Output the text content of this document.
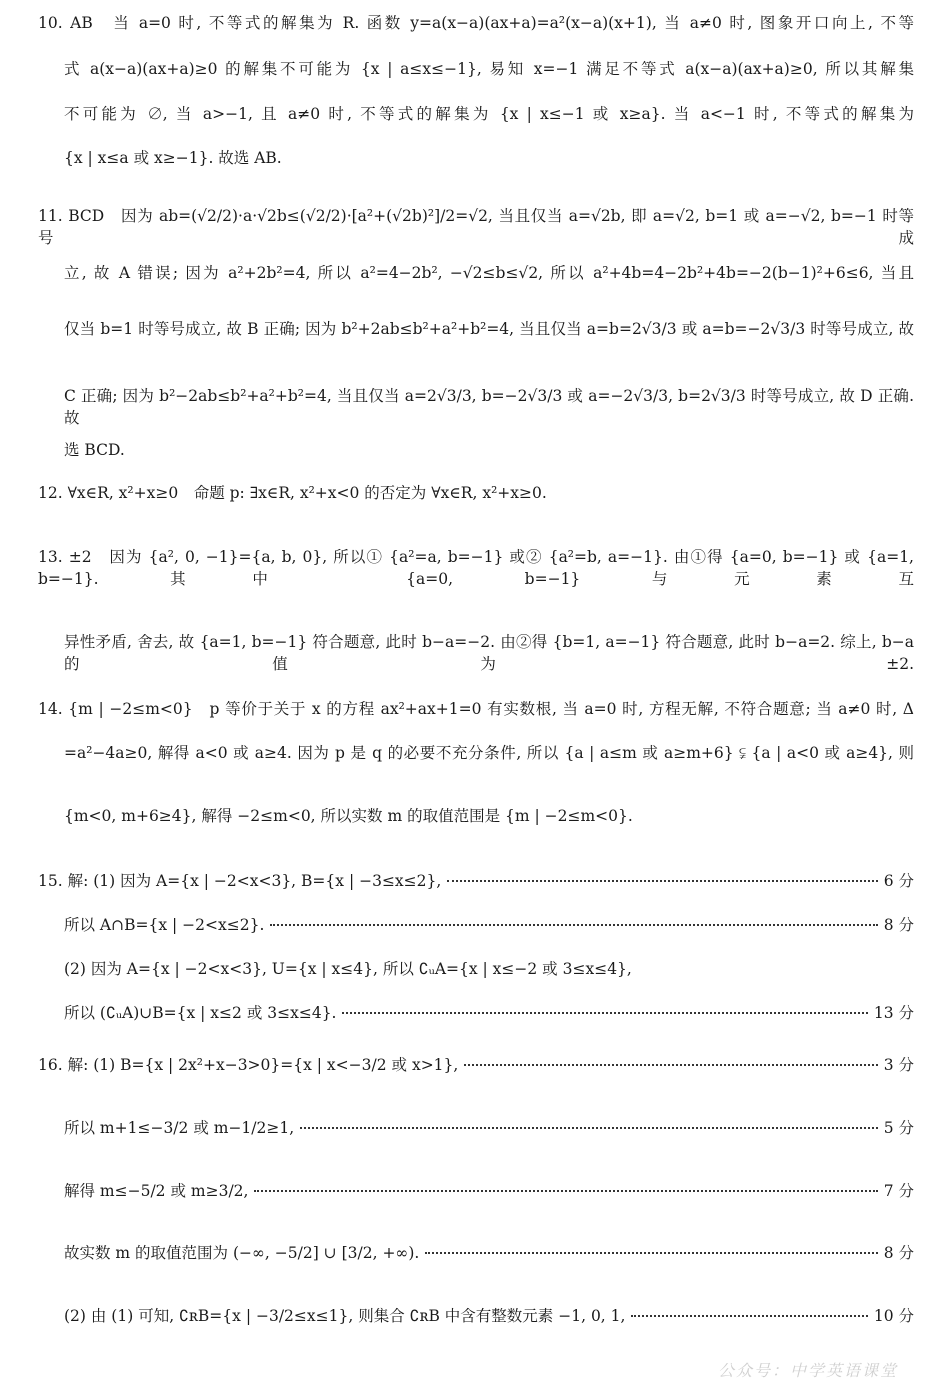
10. AB　当 a=0 时, 不等式的解集为 R. 函数 y=a(x−a)(ax+a)=a²(x−a)(x+1), 当 a≠0 时, 图象开口向上, 不等
式 a(x−a)(ax+a)≥0 的解集不可能为 {x | a≤x≤−1}, 易知 x=−1 满足不等式 a(x−a)(ax+a)≥0, 所以其解集
不可能为 ∅, 当 a>−1, 且 a≠0 时, 不等式的解集为 {x | x≤−1 或 x≥a}. 当 a<−1 时, 不等式的解集为
{x | x≤a 或 x≥−1}. 故选 AB.
11. BCD　因为 ab=(√2/2)·a·√2b≤(√2/2)·[a²+(√2b)²]/2=√2, 当且仅当 a=√2b, 即 a=√2, b=1 或 a=−√2, b=−1 时等号成
立, 故 A 错误; 因为 a²+2b²=4, 所以 a²=4−2b², −√2≤b≤√2, 所以 a²+4b=4−2b²+4b=−2(b−1)²+6≤6, 当且
仅当 b=1 时等号成立, 故 B 正确; 因为 b²+2ab≤b²+a²+b²=4, 当且仅当 a=b=2√3/3 或 a=b=−2√3/3 时等号成立, 故
C 正确; 因为 b²−2ab≤b²+a²+b²=4, 当且仅当 a=2√3/3, b=−2√3/3 或 a=−2√3/3, b=2√3/3 时等号成立, 故 D 正确. 故
选 BCD.
12. ∀x∈R, x²+x≥0　命题 p: ∃x∈R, x²+x<0 的否定为 ∀x∈R, x²+x≥0.
13. ±2　因为 {a², 0, −1}={a, b, 0}, 所以① {a²=a, b=−1} 或② {a²=b, a=−1}. 由①得 {a=0, b=−1} 或 {a=1, b=−1}. 其中 {a=0, b=−1} 与元素互
异性矛盾, 舍去, 故 {a=1, b=−1} 符合题意, 此时 b−a=−2. 由②得 {b=1, a=−1} 符合题意, 此时 b−a=2. 综上, b−a 的值为 ±2.
14. {m | −2≤m<0}　p 等价于关于 x 的方程 ax²+ax+1=0 有实数根, 当 a=0 时, 方程无解, 不符合题意; 当 a≠0 时, Δ
=a²−4a≥0, 解得 a<0 或 a≥4. 因为 p 是 q 的必要不充分条件, 所以 {a | a≤m 或 a≥m+6} ⫋ {a | a<0 或 a≥4}, 则
{m<0, m+6≥4}, 解得 −2≤m<0, 所以实数 m 的取值范围是 {m | −2≤m<0}.
15. 解: (1) 因为 A={x | −2<x<3}, B={x | −3≤x≤2},	6 分
所以 A∩B={x | −2<x≤2}.	8 分
(2) 因为 A={x | −2<x<3}, U={x | x≤4}, 所以 ∁ᵤA={x | x≤−2 或 3≤x≤4},
所以 (∁ᵤA)∪B={x | x≤2 或 3≤x≤4}.	13 分
16. 解: (1) B={x | 2x²+x−3>0}={x | x<−3/2 或 x>1},	3 分
所以 m+1≤−3/2 或 m−1/2≥1,	5 分
解得 m≤−5/2 或 m≥3/2,	7 分
故实数 m 的取值范围为 (−∞, −5/2] ∪ [3/2, +∞).	8 分
(2) 由 (1) 可知, ∁ʀB={x | −3/2≤x≤1}, 则集合 ∁ʀB 中含有整数元素 −1, 0, 1,	10 分
公众号：中学英语课堂
